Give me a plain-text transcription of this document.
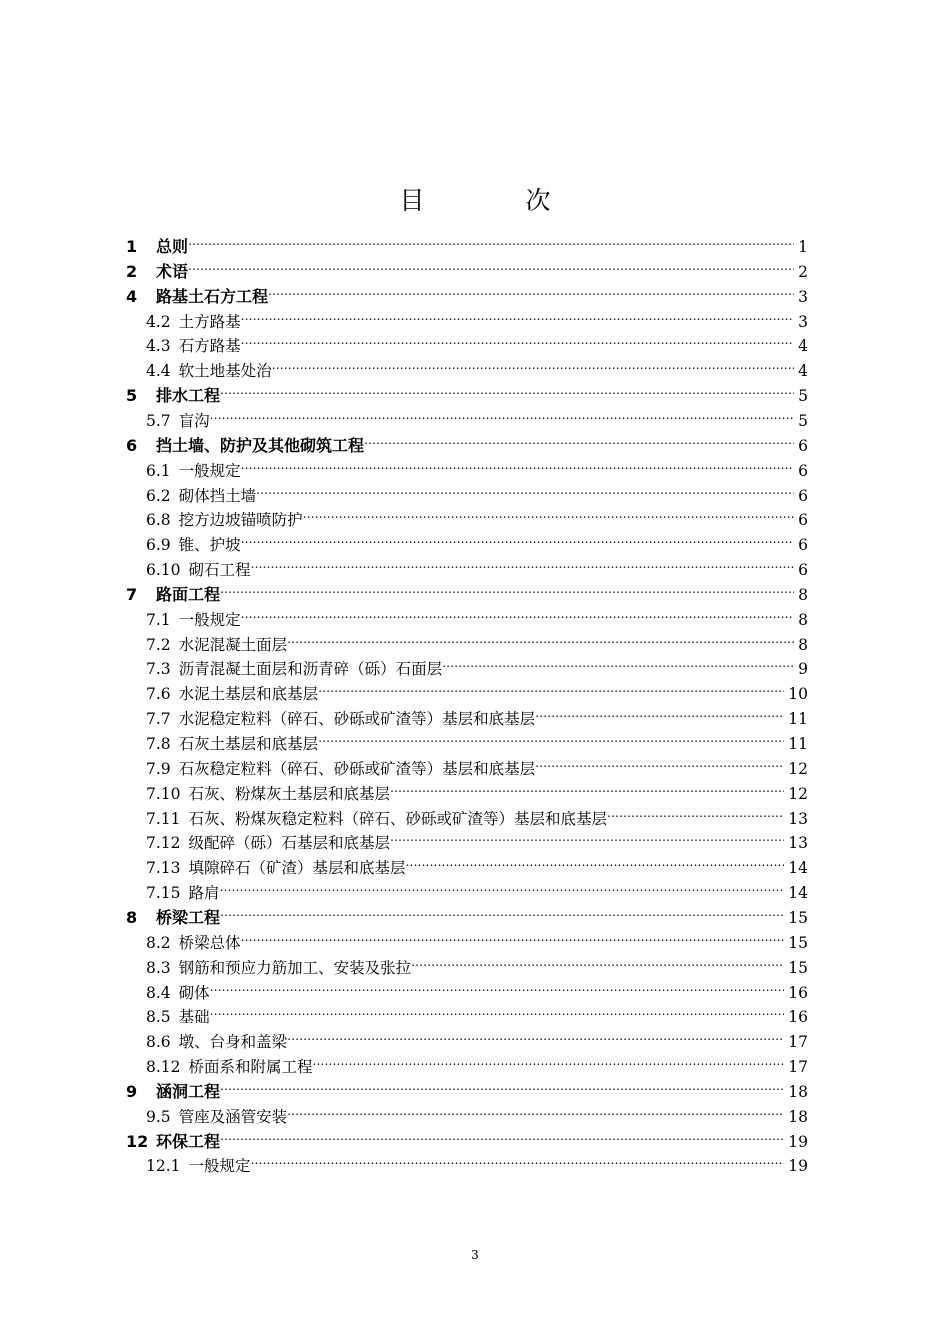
目　次
1	总则 …………………………………………………………………………………………………………………………………………………………………………………………………………	1
2	术语 …………………………………………………………………………………………………………………………………………………………………………………………………………	2
4	路基土石方工程 …………………………………………………………………………………………………………………………………………………………………………………………………………	3
4.2 土方路基 …………………………………………………………………………………………………………………………………………………………………………………………………………	3
4.3 石方路基 …………………………………………………………………………………………………………………………………………………………………………………………………………	4
4.4 软土地基处治 …………………………………………………………………………………………………………………………………………………………………………………………………………	4
5	排水工程 …………………………………………………………………………………………………………………………………………………………………………………………………………	5
5.7 盲沟 …………………………………………………………………………………………………………………………………………………………………………………………………………	5
6	挡土墙、防护及其他砌筑工程 …………………………………………………………………………………………………………………………………………………………………………………………………………	6
6.1 一般规定 …………………………………………………………………………………………………………………………………………………………………………………………………………	6
6.2 砌体挡土墙 …………………………………………………………………………………………………………………………………………………………………………………………………………	6
6.8 挖方边坡锚喷防护 …………………………………………………………………………………………………………………………………………………………………………………………………………	6
6.9 锥、护坡 …………………………………………………………………………………………………………………………………………………………………………………………………………	6
6.10 砌石工程 …………………………………………………………………………………………………………………………………………………………………………………………………………	6
7	路面工程 …………………………………………………………………………………………………………………………………………………………………………………………………………	8
7.1 一般规定 …………………………………………………………………………………………………………………………………………………………………………………………………………	8
7.2 水泥混凝土面层 …………………………………………………………………………………………………………………………………………………………………………………………………………	8
7.3 沥青混凝土面层和沥青碎（砾）石面层 …………………………………………………………………………………………………………………………………………………………………………………………………………	9
7.6 水泥土基层和底基层 …………………………………………………………………………………………………………………………………………………………………………………………………………	10
7.7 水泥稳定粒料（碎石、砂砾或矿渣等）基层和底基层 …………………………………………………………………………………………………………………………………………………………………………………………………………	11
7.8 石灰土基层和底基层 …………………………………………………………………………………………………………………………………………………………………………………………………………	11
7.9 石灰稳定粒料（碎石、砂砾或矿渣等）基层和底基层 …………………………………………………………………………………………………………………………………………………………………………………………………………	12
7.10 石灰、粉煤灰土基层和底基层 …………………………………………………………………………………………………………………………………………………………………………………………………………	12
7.11 石灰、粉煤灰稳定粒料（碎石、砂砾或矿渣等）基层和底基层 …………………………………………………………………………………………………………………………………………………………………………………………………………	13
7.12 级配碎（砾）石基层和底基层 …………………………………………………………………………………………………………………………………………………………………………………………………………	13
7.13 填隙碎石（矿渣）基层和底基层 …………………………………………………………………………………………………………………………………………………………………………………………………………	14
7.15 路肩 …………………………………………………………………………………………………………………………………………………………………………………………………………	14
8	桥梁工程 …………………………………………………………………………………………………………………………………………………………………………………………………………	15
8.2 桥梁总体 …………………………………………………………………………………………………………………………………………………………………………………………………………	15
8.3 钢筋和预应力筋加工、安装及张拉 …………………………………………………………………………………………………………………………………………………………………………………………………………	15
8.4 砌体 …………………………………………………………………………………………………………………………………………………………………………………………………………	16
8.5 基础 …………………………………………………………………………………………………………………………………………………………………………………………………………	16
8.6 墩、台身和盖梁 …………………………………………………………………………………………………………………………………………………………………………………………………………	17
8.12 桥面系和附属工程 …………………………………………………………………………………………………………………………………………………………………………………………………………	17
9	涵洞工程 …………………………………………………………………………………………………………………………………………………………………………………………………………	18
9.5 管座及涵管安装 …………………………………………………………………………………………………………………………………………………………………………………………………………	18
12 环保工程 …………………………………………………………………………………………………………………………………………………………………………………………………………	19
12.1 一般规定 …………………………………………………………………………………………………………………………………………………………………………………………………………	19
3
